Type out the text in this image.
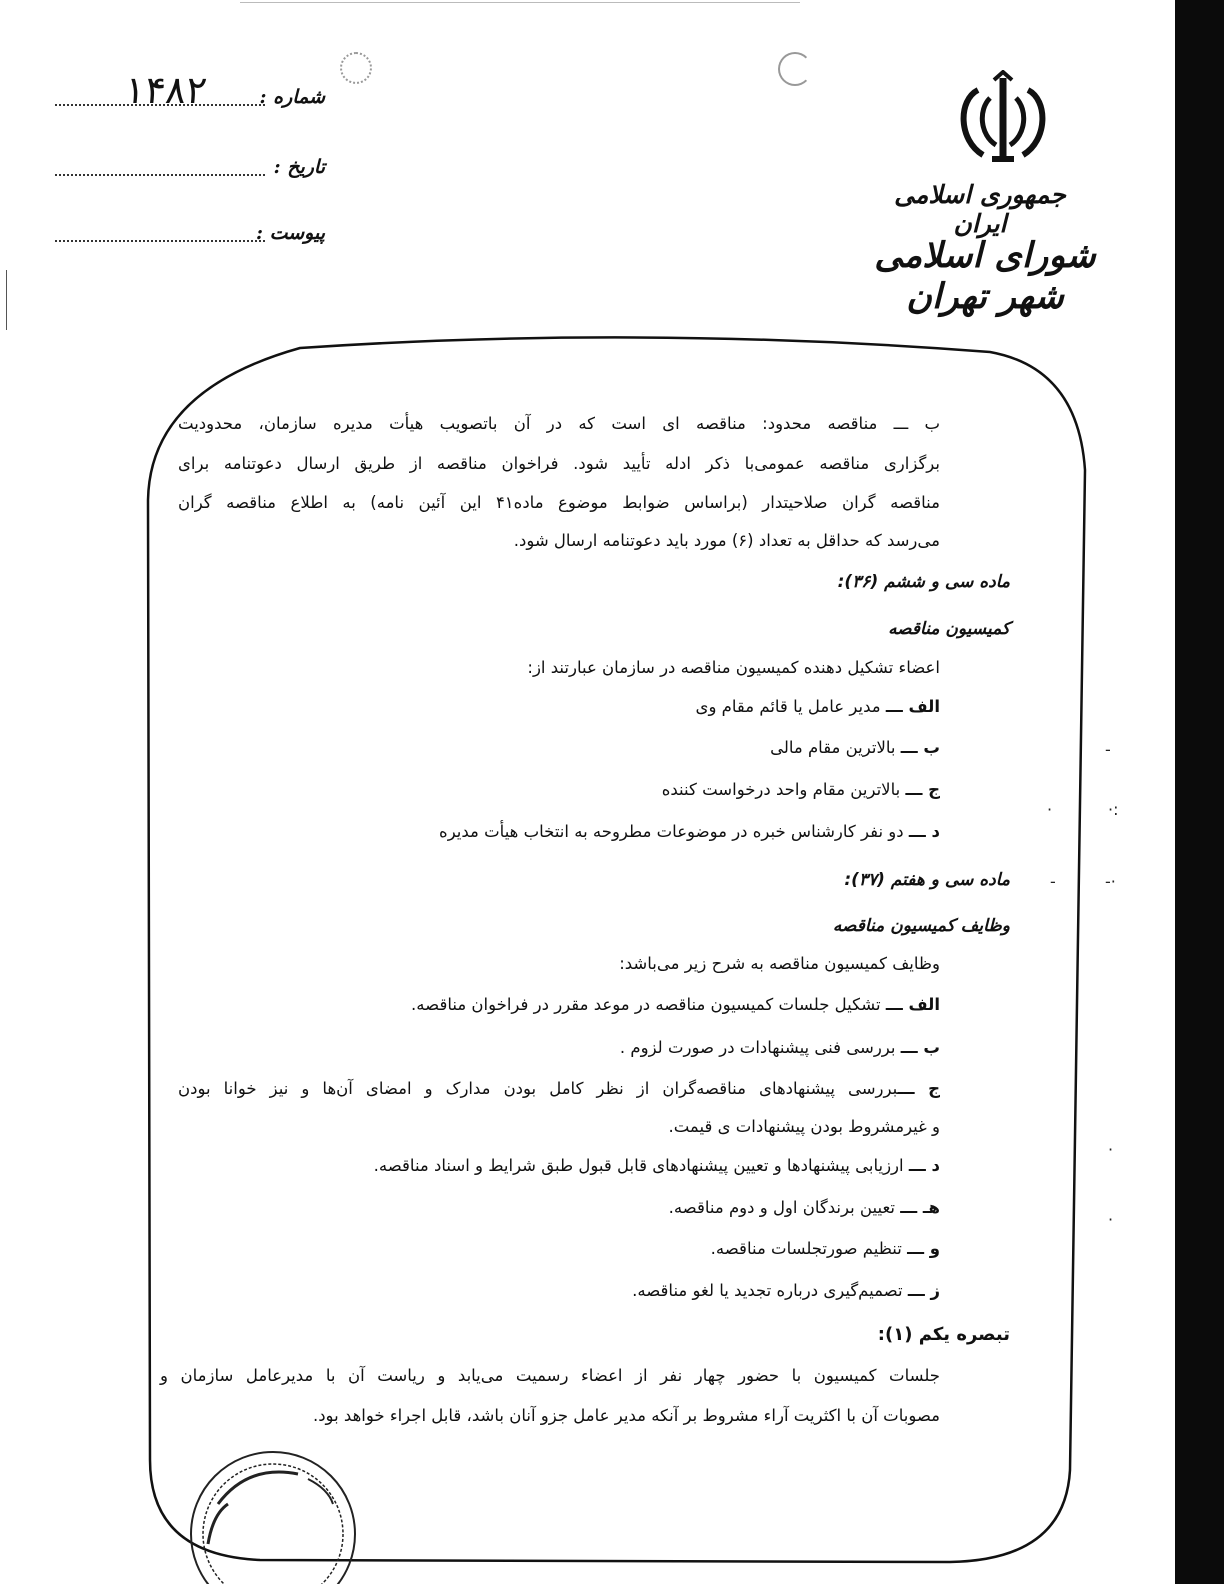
۱۴۸۲	شماره :
تاریخ :
پیوست :
جمهوری اسلامی ایران
شورای اسلامی شهر تهران
ب ـــ مناقصه محدود: مناقصه ای است که در آن باتصویب هیأت مدیره سازمان، محدودیت
برگزاری مناقصه عمومی‌با ذکر ادله تأیید شود. فراخوان مناقصه از طریق ارسال دعوتنامه برای
مناقصه گران صلاحیتدار (براساس ضوابط موضوع ماده۴۱ این آئین نامه) به اطلاع مناقصه گران
می‌رسد که حداقل به تعداد (۶) مورد باید دعوتنامه ارسال شود.
ماده سی و ششم (۳۶):
کمیسیون مناقصه
اعضاء تشکیل دهنده کمیسیون مناقصه در سازمان عبارتند از:
الف ـــ مدیر عامل یا قائم مقام وی
ب ـــ بالاترین مقام مالی
ج ـــ بالاترین مقام واحد درخواست کننده
د ـــ دو نفر کارشناس خبره در موضوعات مطروحه به انتخاب هیأت مدیره
ماده سی و هفتم (۳۷):
وظایف کمیسیون مناقصه
وظایف کمیسیون مناقصه به شرح زیر می‌باشد:
الف ـــ تشکیل جلسات کمیسیون مناقصه در موعد مقرر در فراخوان مناقصه.
ب ـــ بررسی فنی پیشنهادات در صورت لزوم .
ج ـــبررسی پیشنهادهای مناقصه‌گران از نظر کامل بودن مدارک و امضای آن‌ها و نیز خوانا بودن
و غیرمشروط بودن پیشنهادات ی قیمت.
د ـــ ارزیابی پیشنهادها و تعیین پیشنهادهای قابل قبول طبق شرایط و اسناد مناقصه.
هـ ـــ تعیین برندگان اول و دوم مناقصه.
و ـــ تنظیم صورتجلسات مناقصه.
ز ـــ تصمیم‌گیری درباره تجدید یا لغو مناقصه.
تبصره یکم (۱):
جلسات کمیسیون با حضور چهار نفر از اعضاء رسمیت می‌یابد و ریاست آن با مدیرعامل سازمان و
مصوبات آن با اکثریت آراء مشروط بر آنکه مدیر عامل جزو آنان باشد، قابل اجراء خواهد بود.
-
·	·:
-	-·
·
·
